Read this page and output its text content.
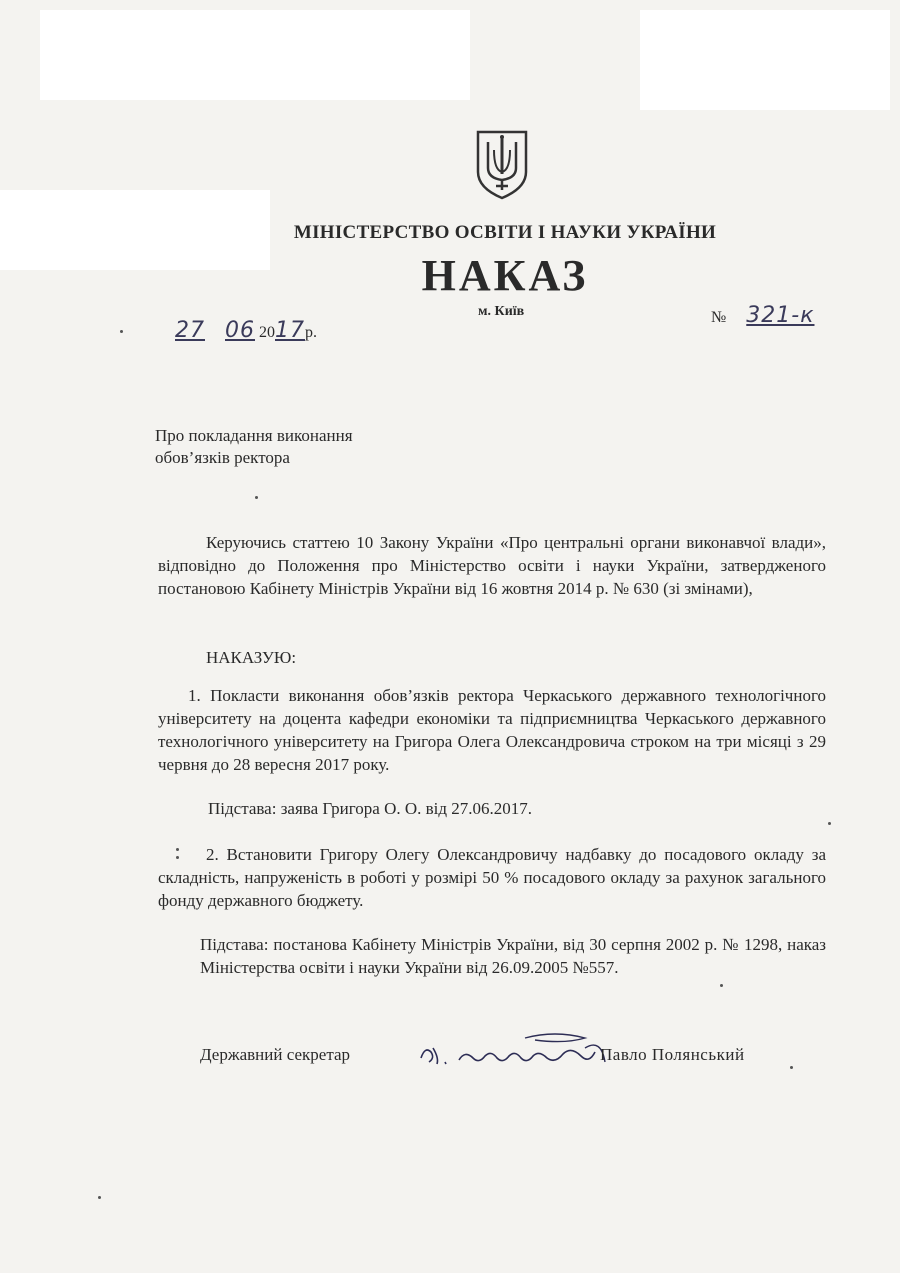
МІНІСТЕРСТВО ОСВІТИ І НАУКИ УКРАЇНИ
НАКАЗ
м. Київ
27 06 2017р.
№ 321-к
Про покладання виконання
обов’язків ректора
Керуючись статтею 10 Закону України «Про центральні органи виконавчої влади», відповідно до Положення про Міністерство освіти і науки України, затвердженого постановою Кабінету Міністрів України від 16 жовтня 2014 р. № 630 (зі змінами),
НАКАЗУЮ:
1. Покласти виконання обов’язків ректора Черкаського державного технологічного університету на доцента кафедри економіки та підприємництва Черкаського державного технологічного університету на Григора Олега Олександровича строком на три місяці з 29 червня до 28 вересня 2017 року.
Підстава: заява Григора О. О. від 27.06.2017.
2. Встановити Григору Олегу Олександровичу надбавку до посадового окладу за складність, напруженість в роботі у розмірі 50 % посадового окладу за рахунок загального фонду державного бюджету.
Підстава: постанова Кабінету Міністрів України, від 30 серпня 2002 р. № 1298, наказ Міністерства освіти і науки України від 26.09.2005 №557.
Державний секретар	Павло Полянський
